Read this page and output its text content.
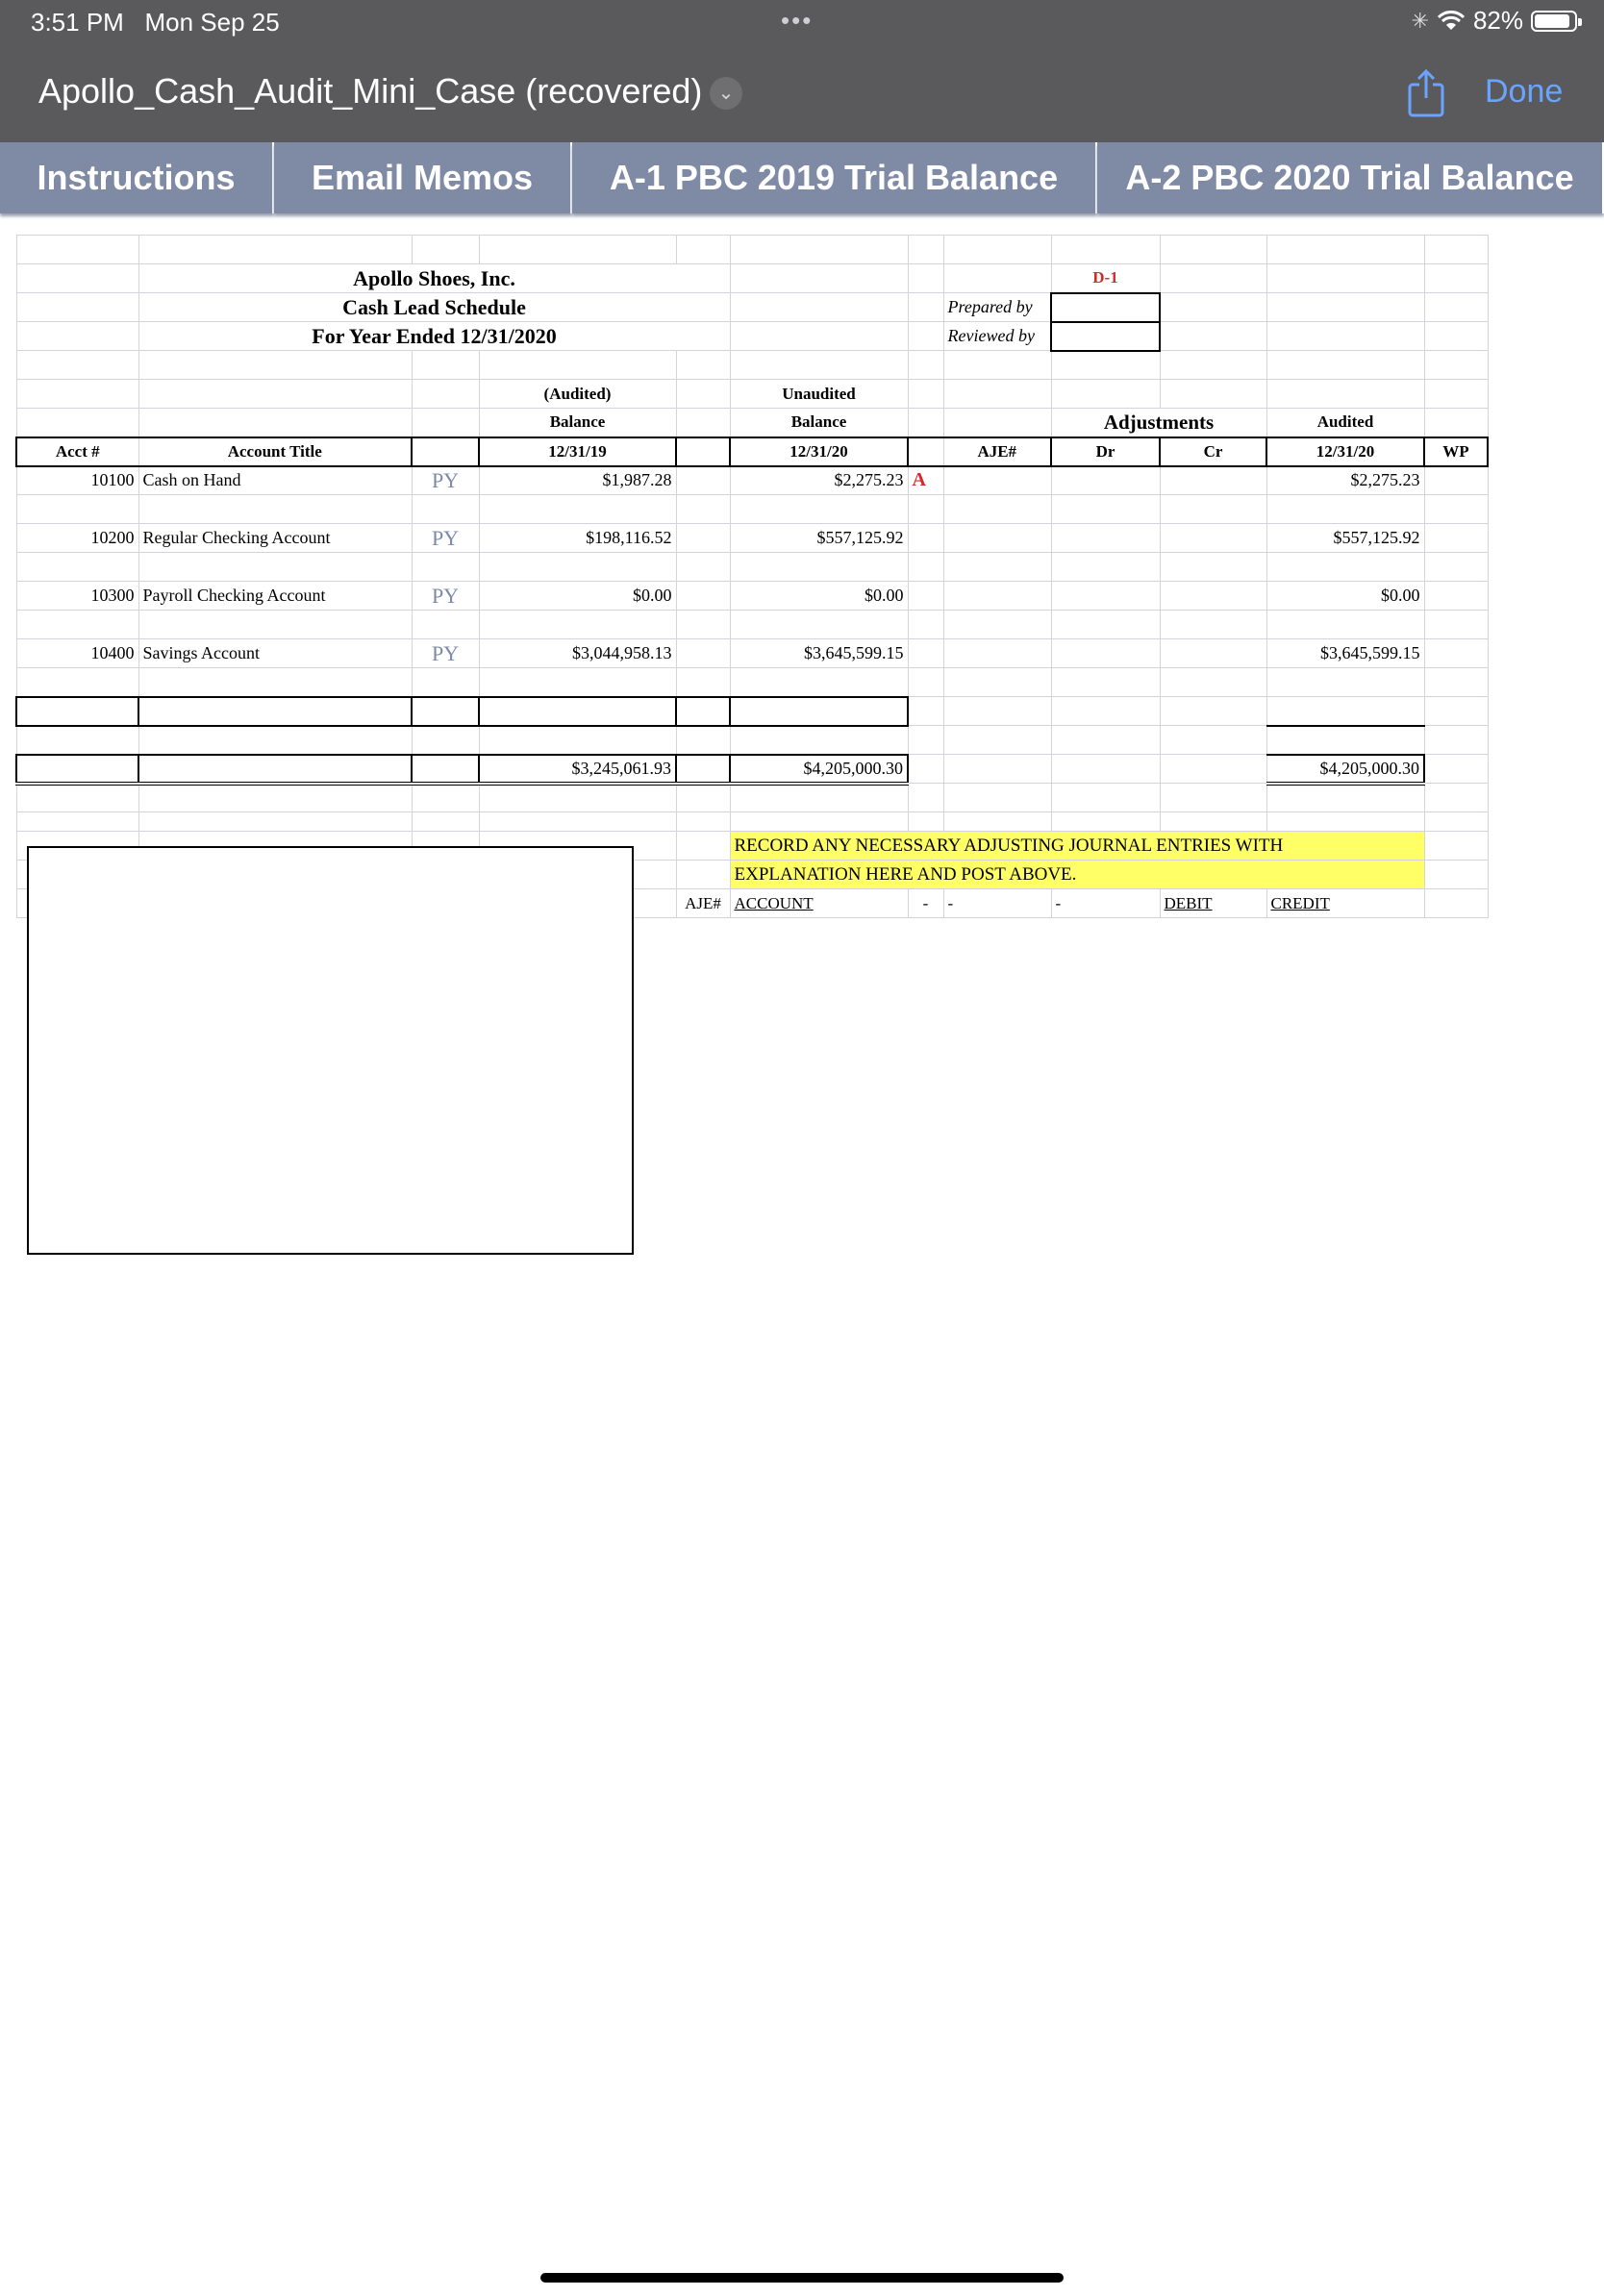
3:51 PM Mon Sep 25	•••	✳ 82%
Apollo_Cash_Audit_Mini_Case (recovered) ⌄	Done
Instructions	Email Memos	A-1 PBC 2019 Trial Balance	A-2 PBC 2020 Trial Balance

	Apollo Shoes, Inc.							D-1			
	Cash Lead Schedule						Prepared by				
	For Year Ended 12/31/2020						Reviewed by				

			(Audited)		Unaudited						
			Balance		Balance			Adjustments		Audited	
Acct #	Account Title		12/31/19		12/31/20		AJE#	Dr	Cr	12/31/20	WP
10100	Cash on Hand	PY	$1,987.28		$2,275.23	A				$2,275.23	

10200	Regular Checking Account	PY	$198,116.52		$557,125.92					$557,125.92	

10300	Payroll Checking Account	PY	$0.00		$0.00					$0.00	

10400	Savings Account	PY	$3,044,958.13		$3,645,599.15					$3,645,599.15	

			$3,245,061.93		$4,205,000.30					$4,205,000.30	

					RECORD ANY NECESSARY ADJUSTING JOURNAL ENTRIES WITH						
					EXPLANATION HERE AND POST ABOVE.						
				AJE#	ACCOUNT	-	-	-	DEBIT	CREDIT	
